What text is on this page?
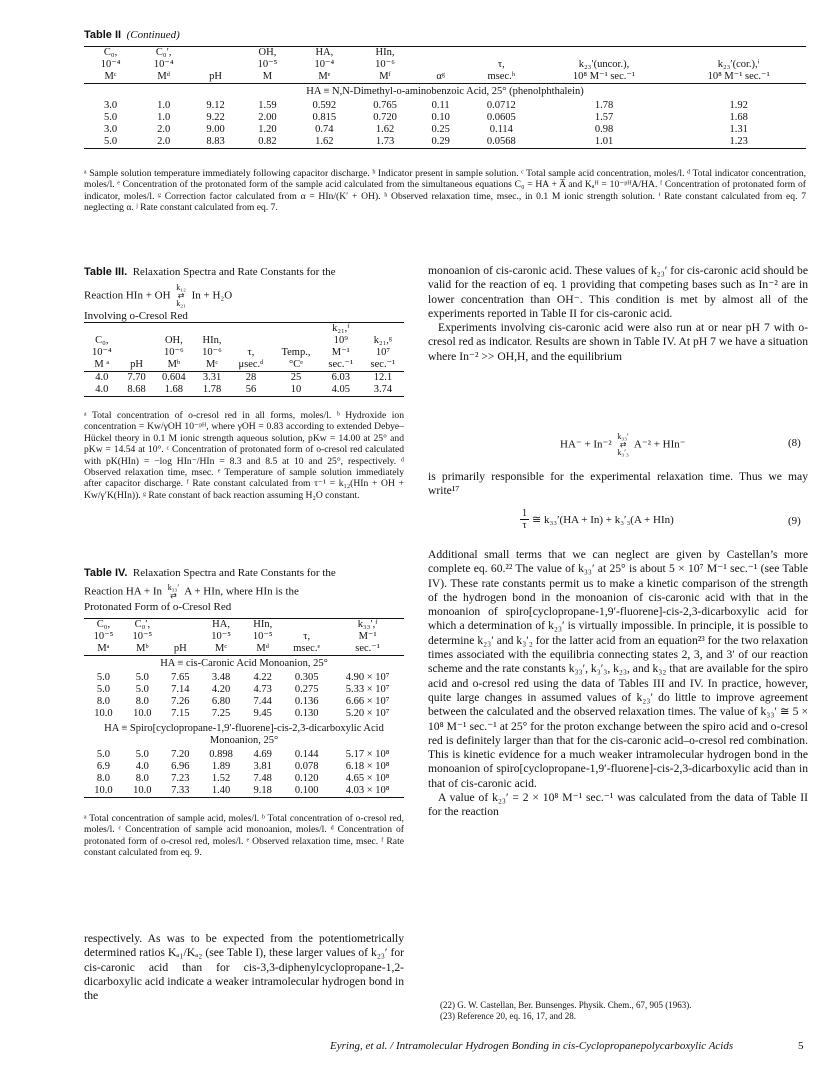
Table II (Continued)
C₀,	C₀′,		OH,	HA,	HIn,				
10⁻⁴	10⁻⁴		10⁻⁵	10⁻⁴	10⁻⁶		τ,	k₂₃′(uncor.),	k₂₃′(cor.),ⁱ
Mᶜ	Mᵈ	pH	M	Mᵉ	Mᶠ	αᵍ	msec.ʰ	10⁸ M⁻¹ sec.⁻¹	10⁸ M⁻¹ sec.⁻¹
HA ≡ N,N-Dimethyl-o-aminobenzoic Acid, 25° (phenolphthalein)									
3.0	1.0	9.12	1.59	0.592	0.765	0.11	0.0712	1.78	1.92
5.0	1.0	9.22	2.00	0.815	0.720	0.10	0.0605	1.57	1.68
3.0	2.0	9.00	1.20	0.74	1.62	0.25	0.114	0.98	1.31
5.0	2.0	8.83	0.82	1.62	1.73	0.29	0.0568	1.01	1.23
ᵃ Sample solution temperature immediately following capacitor discharge. ᵇ Indicator present in sample solution. ᶜ Total sample acid concentration, moles/l. ᵈ Total indicator concentration, moles/l. ᵉ Concentration of the protonated form of the sample acid calculated from the simultaneous equations C₀ = HA + A̅ and Kₐᴴ = 10⁻ᵖᴴA/HA. ᶠ Concentration of protonated form of indicator, moles/l. ᵍ Correction factor calculated from α = HIn/(K′ + OH). ʰ Observed relaxation time, msec., in 0.1 M ionic strength solution. ⁱ Rate constant calculated from eq. 7 neglecting α. ʲ Rate constant calculated from eq. 7.
Table III. Relaxation Spectra and Rate Constants for the
Reaction HIn + OH k₁₂
⇄
k₂₁ In + H₂O
Involving o-Cresol Red
						k₂₁,ᶠ	
C₀,		OH,	HIn,			10⁹	k₂₁,ᵍ
10⁻⁴		10⁻⁶	10⁻⁶	τ,	Temp.,	M⁻¹	10⁷
M ᵃ	pH	Mᵇ	Mᶜ	μsec.ᵈ	°Cᵉ	sec.⁻¹	sec.⁻¹
4.0	7.70	0.604	3.31	28	25	6.03	12.1
4.0	8.68	1.68	1.78	56	10	4.05	3.74
ᵃ Total concentration of o-cresol red in all forms, moles/l. ᵇ Hydroxide ion concentration = Kw/γOH 10⁻ᵖᴴ, where γOH = 0.83 according to extended Debye–Hückel theory in 0.1 M ionic strength aqueous solution, pKw = 14.00 at 25° and pKw = 14.54 at 10°. ᶜ Concentration of protonated form of o-cresol red calculated with pK(HIn) = −log HIn⁻/HIn = 8.3 and 8.5 at 10 and 25°, respectively. ᵈ Observed relaxation time, msec. ᵉ Temperature of sample solution immediately after capacitor discharge. ᶠ Rate constant calculated from τ⁻¹ = k₁₂(HIn + OH + Kw/γ′K(HIn)). ᵍ Rate constant of back reaction assuming H₂O constant.
Table IV. Relaxation Spectra and Rate Constants for the
Reaction HA + In k₃₃′
⇄ A + HIn, where HIn is the
Protonated Form of o-Cresol Red
C₀,	C₀′,		HA,	HIn,		k₃₃′,ᶠ
10⁻⁵	10⁻⁵		10⁻⁵	10⁻⁵	τ,	M⁻¹
Mᵃ	Mᵇ	pH	Mᶜ	Mᵈ	msec.ᵉ	sec.⁻¹
HA ≡ cis-Caronic Acid Monoanion, 25°						
5.0	5.0	7.65	3.48	4.22	0.305	4.90 × 10⁷
5.0	5.0	7.14	4.20	4.73	0.275	5.33 × 10⁷
8.0	8.0	7.26	6.80	7.44	0.136	6.66 × 10⁷
10.0	10.0	7.15	7.25	9.45	0.130	5.20 × 10⁷
HA ≡ Spiro[cyclopropane-1,9′-fluorene]-cis-2,3-dicarboxylic Acid						
Monoanion, 25°						
5.0	5.0	7.20	0.898	4.69	0.144	5.17 × 10⁸
6.9	4.0	6.96	1.89	3.81	0.078	6.18 × 10⁸
8.0	8.0	7.23	1.52	7.48	0.120	4.65 × 10⁸
10.0	10.0	7.33	1.40	9.18	0.100	4.03 × 10⁸
ᵃ Total concentration of sample acid, moles/l. ᵇ Total concentration of o-cresol red, moles/l. ᶜ Concentration of sample acid monoanion, moles/l. ᵈ Concentration of protonated form of o-cresol red, moles/l. ᵉ Observed relaxation time, msec. ᶠ Rate constant calculated from eq. 9.

respectively. As was to be expected from the potentiometrically determined ratios Kₐ₁/Kₐ₂ (see Table I), these larger values of k₂₃′ for cis-caronic acid than for cis-3,3-diphenylcyclopropane-1,2-dicarboxylic acid indicate a weaker intramolecular hydrogen bond in the

monoanion of cis-caronic acid. These values of k₂₃′ for cis-caronic acid should be valid for the reaction of eq. 1 providing that competing bases such as In⁻² are in lower concentration than OH⁻. This condition is met by almost all of the experiments reported in Table II for cis-caronic acid.

Experiments involving cis-caronic acid were also run at or near pH 7 with o-cresol red as indicator. Results are shown in Table IV. At pH 7 we have a situation where In⁻² >> OH,H, and the equilibrium

HA⁻ + In⁻² k₃₃′
⇄
k₃′₃ A⁻² + HIn⁻	(8)

is primarily responsible for the experimental relaxation time. Thus we may write¹⁷

1
τ ≅ k₃₃′(HA + In) + k₃′₃(A + HIn)	(9)

Additional small terms that we can neglect are given by Castellan’s more complete eq. 60.²² The value of k₃₃′ at 25° is about 5 × 10⁷ M⁻¹ sec.⁻¹ (see Table IV). These rate constants permit us to make a kinetic comparison of the strength of the hydrogen bond in the monoanion of cis-caronic acid with that in the monoanion of spiro[cyclopropane-1,9′-fluorene]-cis-2,3-dicarboxylic acid for which a determination of k₂₃′ is virtually impossible. In principle, it is possible to determine k₂₃′ and k₃′₂ for the latter acid from an equation²³ for the two relaxation times associated with the equilibria connecting states 2, 3, and 3′ of our reaction scheme and the rate constants k₃₃′, k₃′₃, k₂₃, and k₃₂ that are available for the spiro acid and o-cresol red using the data of Tables III and IV. In practice, however, quite large changes in assumed values of k₂₃′ do little to improve agreement between the calculated and the observed relaxation times. The value of k₃₃′ ≅ 5 × 10⁸ M⁻¹ sec.⁻¹ at 25° for the proton exchange between the spiro acid and o-cresol red is definitely larger than that for the cis-caronic acid–o-cresol red combination. This is kinetic evidence for a much weaker intramolecular hydrogen bond in the monoanion of spiro[cyclopropane-1,9′-fluorene]-cis-2,3-dicarboxylic acid than in that of cis-caronic acid.

A value of k₂₃′ = 2 × 10⁸ M⁻¹ sec.⁻¹ was calculated from the data of Table II for the reaction

(22) G. W. Castellan, Ber. Bunsenges. Physik. Chem., 67, 905 (1963).
(23) Reference 20, eq. 16, 17, and 28.
Eyring, et al. / Intramolecular Hydrogen Bonding in cis-Cyclopropanepolycarboxylic Acids	5
